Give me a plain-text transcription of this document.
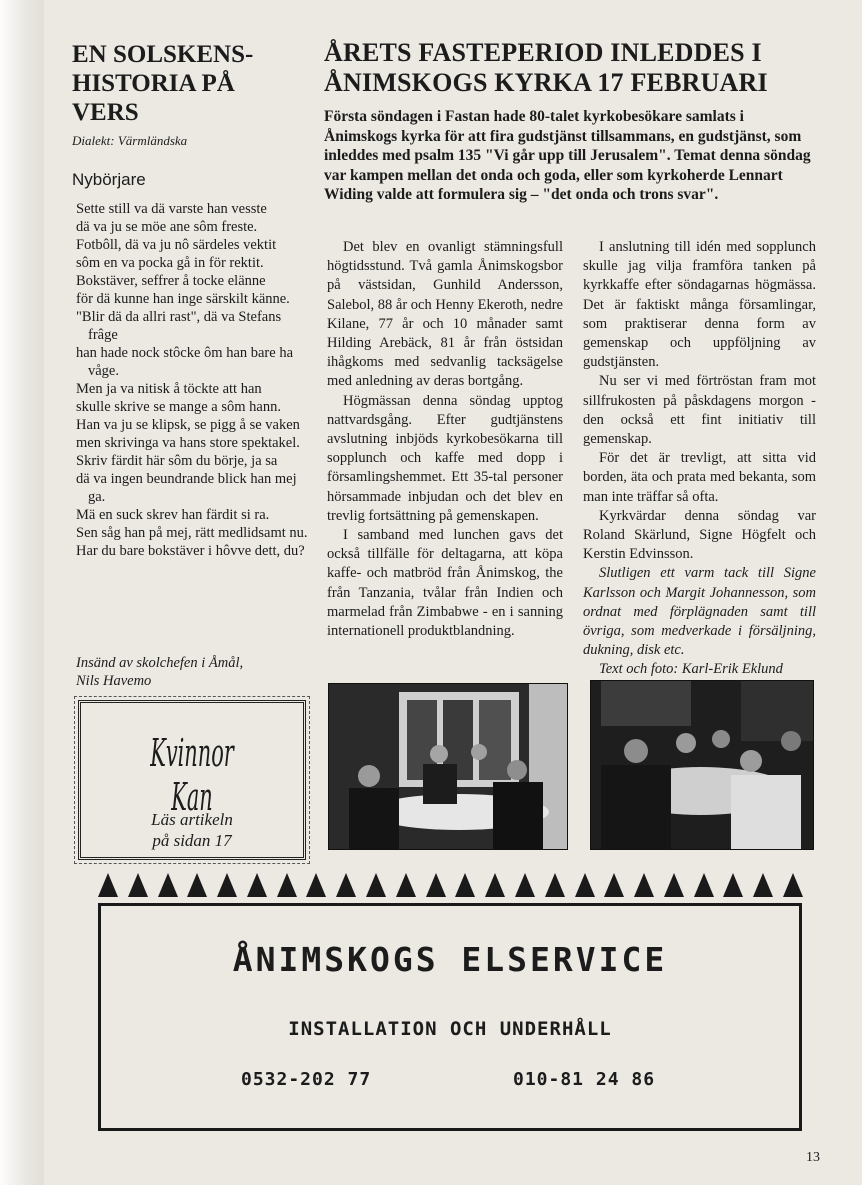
EN SOLSKENS-
HISTORIA PÅ
VERS
Dialekt: Värmländska
Nybörjare

Sette still va dä varste han vesste

dä va ju se möe ane sôm freste.

Fotbôll, dä va ju nô särdeles vektit

sôm en va pocka gå in för rektit.

Bokstäver, seffrer å tocke elänne

för dä kunne han inge särskilt känne.

"Blir dä da allri rast", dä va Stefans frâge

han hade nock stôcke ôm han bare ha våge.

Men ja va nitisk å töckte att han

skulle skrive se mange a sôm hann.

Han va ju se klipsk, se pigg å se vaken

men skrivinga va hans store spektakel.

Skriv färdit här sôm du börje, ja sa

dä va ingen beundrande blick han mej ga.

Mä en suck skrev han färdit si ra.

Sen såg han på mej, rätt medlidsamt nu.

Har du bare bokstäver i hôvve dett, du?

Insänd av skolchefen i Åmål,
Nils Havemo
Kvinnor Kan
Läs artikeln
på sidan 17
ÅRETS FASTEPERIOD INLEDDES I
ÅNIMSKOGS KYRKA 17 FEBRUARI
Första söndagen i Fastan hade 80-talet kyrkobesökare samlats i Ånimskogs kyrka för att fira gudstjänst tillsammans, en gudstjänst, som inleddes med psalm 135 "Vi går upp till Jerusalem". Temat denna söndag var kampen mellan det onda och goda, eller som kyrkoherde Lennart Widing valde att formulera sig – "det onda och trons svar".

Det blev en ovanligt stämningsfull högtidsstund. Två gamla Ånimskogsbor på västsidan, Gunhild Andersson, Salebol, 88 år och Henny Ekeroth, nedre Kilane, 77 år och 10 månader samt Hilding Arebäck, 81 år från östsidan ihågkoms med sedvanlig tacksägelse med anledning av deras bortgång.

Högmässan denna söndag upptog nattvardsgång. Efter gudtjänstens avslutning inbjöds kyrkobesökarna till sopplunch och kaffe med dopp i församlingshemmet. Ett 35-tal personer hörsammade inbjudan och det blev en trevlig fortsättning på gemenskapen.

I samband med lunchen gavs det också tillfälle för deltagarna, att köpa kaffe- och matbröd från Ånimskog, the från Tanzania, tvålar från Indien och marmelad från Zimbabwe - en i sanning internationell produktblandning.

I anslutning till idén med sopplunch skulle jag vilja framföra tanken på kyrkkaffe efter söndagarnas högmässa. Det är faktiskt många församlingar, som praktiserar denna form av gemenskap och uppföljning av gudstjänsten.

Nu ser vi med förtröstan fram mot sillfrukosten på påskdagens morgon - den också ett fint initiativ till gemenskap.

För det är trevligt, att sitta vid borden, äta och prata med bekanta, som man inte träffar så ofta.

Kyrkvärdar denna söndag var Roland Skärlund, Signe Högfelt och Kerstin Edvinsson.

Slutligen ett varm tack till Signe Karlsson och Margit Johannesson, som ordnat med förplägnaden samt till övriga, som medverkade i försäljning, dukning, disk etc.

Text och foto: Karl-Erik Eklund

ÅNIMSKOGS ELSERVICE
INSTALLATION OCH UNDERHÅLL
0532-202 77	010-81 24 86
13
